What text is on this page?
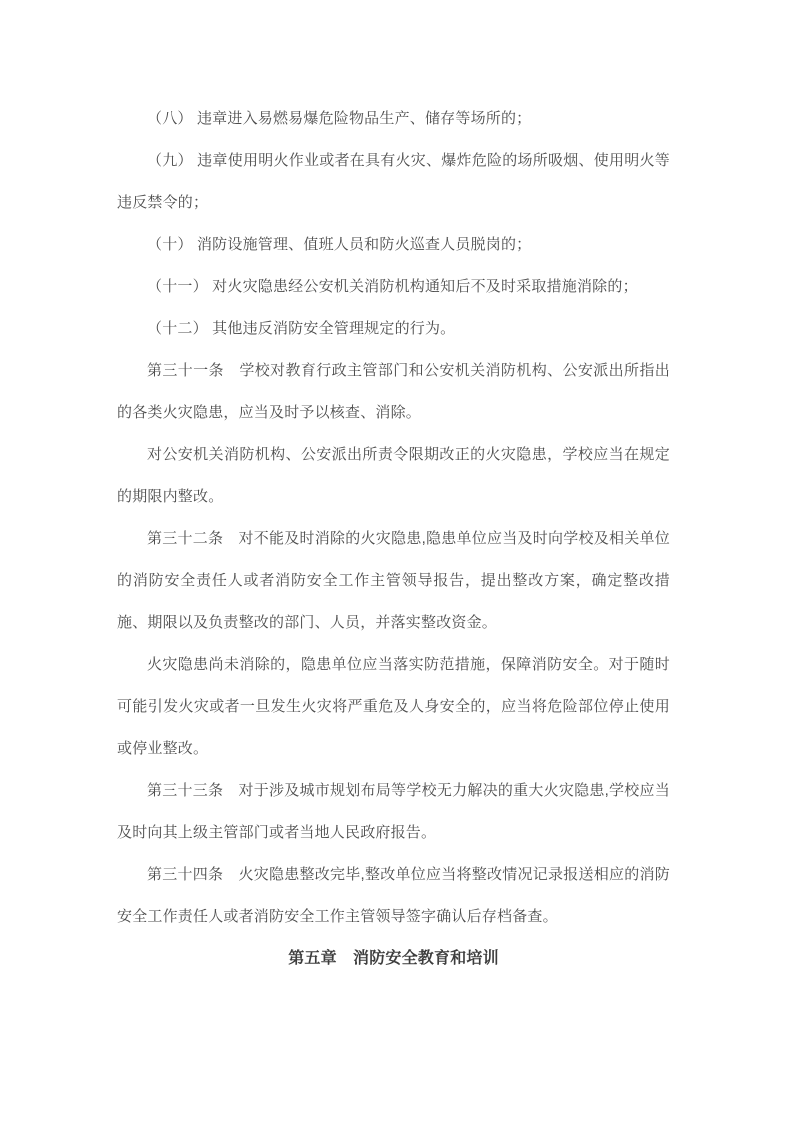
（八） 违章进入易燃易爆危险物品生产、储存等场所的；

（九） 违章使用明火作业或者在具有火灾、爆炸危险的场所吸烟、使用明火等违反禁令的；

（十） 消防设施管理、值班人员和防火巡查人员脱岗的；

（十一） 对火灾隐患经公安机关消防机构通知后不及时采取措施消除的；

（十二） 其他违反消防安全管理规定的行为。

第三十一条　学校对教育行政主管部门和公安机关消防机构、公安派出所指出的各类火灾隐患，应当及时予以核查、消除。

对公安机关消防机构、公安派出所责令限期改正的火灾隐患，学校应当在规定的期限内整改。

第三十二条　对不能及时消除的火灾隐患,隐患单位应当及时向学校及相关单位的消防安全责任人或者消防安全工作主管领导报告，提出整改方案，确定整改措施、期限以及负责整改的部门、人员，并落实整改资金。

火灾隐患尚未消除的，隐患单位应当落实防范措施，保障消防安全。对于随时可能引发火灾或者一旦发生火灾将严重危及人身安全的，应当将危险部位停止使用或停业整改。

第三十三条　对于涉及城市规划布局等学校无力解决的重大火灾隐患,学校应当及时向其上级主管部门或者当地人民政府报告。

第三十四条　火灾隐患整改完毕,整改单位应当将整改情况记录报送相应的消防安全工作责任人或者消防安全工作主管领导签字确认后存档备查。

第五章　消防安全教育和培训
